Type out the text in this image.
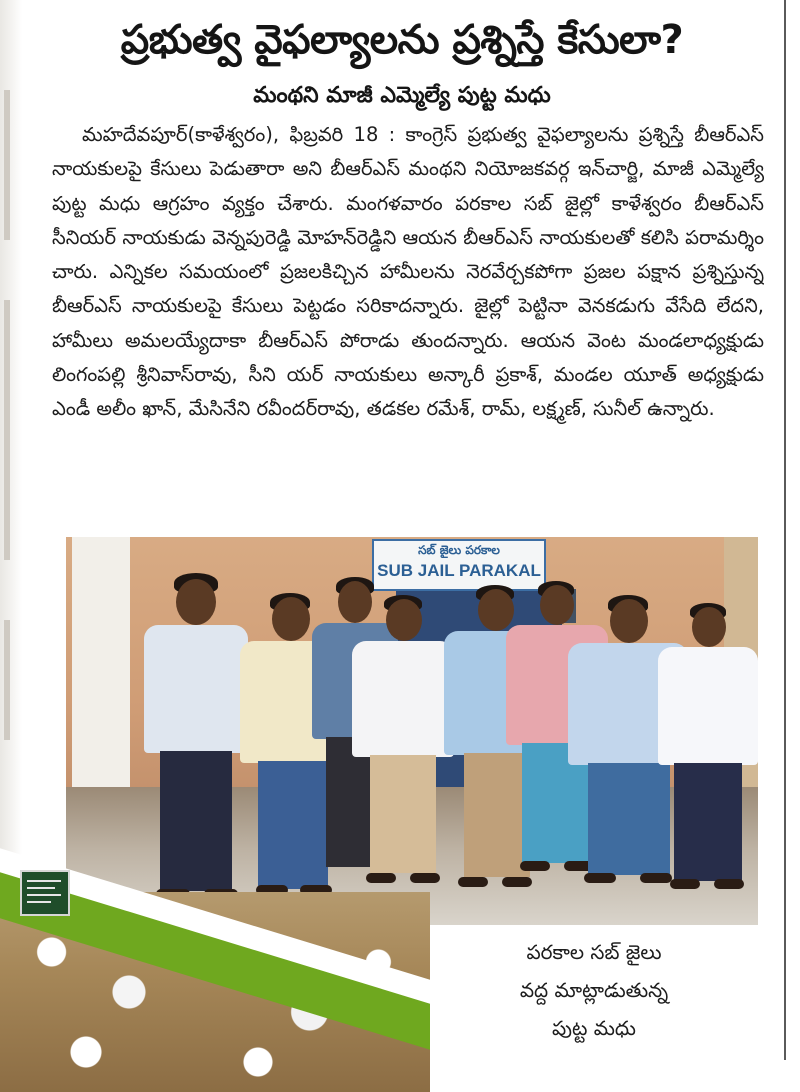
ప్రభుత్వ వైఫల్యాలను ప్రశ్నిస్తే కేసులా?
మంథని మాజీ ఎమ్మెల్యే పుట్ట మధు
మహదేవపూర్(కాళేశ్వరం), ఫిబ్రవరి 18 : కాంగ్రెస్ ప్రభుత్వ వైఫల్యాలను ప్రశ్నిస్తే బీఆర్ఎస్ నాయకులపై కేసులు పెడుతారా అని బీఆర్ఎస్ మంథని నియోజకవర్గ ఇన్‌చార్జి, మాజీ ఎమ్మెల్యే పుట్ట మధు ఆగ్రహం వ్యక్తం చేశారు. మంగళవారం పరకాల సబ్ జైల్లో కాళేశ్వరం బీఆర్ఎస్ సీనియర్ నాయకుడు వెన్నపురెడ్డి మోహన్‌రెడ్డిని ఆయన బీఆర్ఎస్ నాయకులతో కలిసి పరామర్శిం చారు. ఎన్నికల సమయంలో ప్రజలకిచ్చిన హామీలను నెరవేర్చకపోగా ప్రజల పక్షాన ప్రశ్నిస్తున్న బీఆర్ఎస్ నాయకులపై కేసులు పెట్టడం సరికాదన్నారు. జైల్లో పెట్టినా వెనకడుగు వేసేది లేదని, హామీలు అమలయ్యేదాకా బీఆర్ఎస్ పోరాడు తుందన్నారు. ఆయన వెంట మండలాధ్యక్షుడు లింగంపల్లి శ్రీనివాస్‌రావు, సీని యర్ నాయకులు అన్కారీ ప్రకాశ్, మండల యూత్ అధ్యక్షుడు ఎండీ అలీం ఖాన్, మేసినేని రవీందర్‌రావు, తడకల రమేశ్, రామ్, లక్ష్మణ్, సునీల్ ఉన్నారు.
సబ్ జైలు పరకాల
SUB JAIL PARAKAL
పరకాల సబ్ జైలు
వద్ద మాట్లాడుతున్న
పుట్ట మధు
